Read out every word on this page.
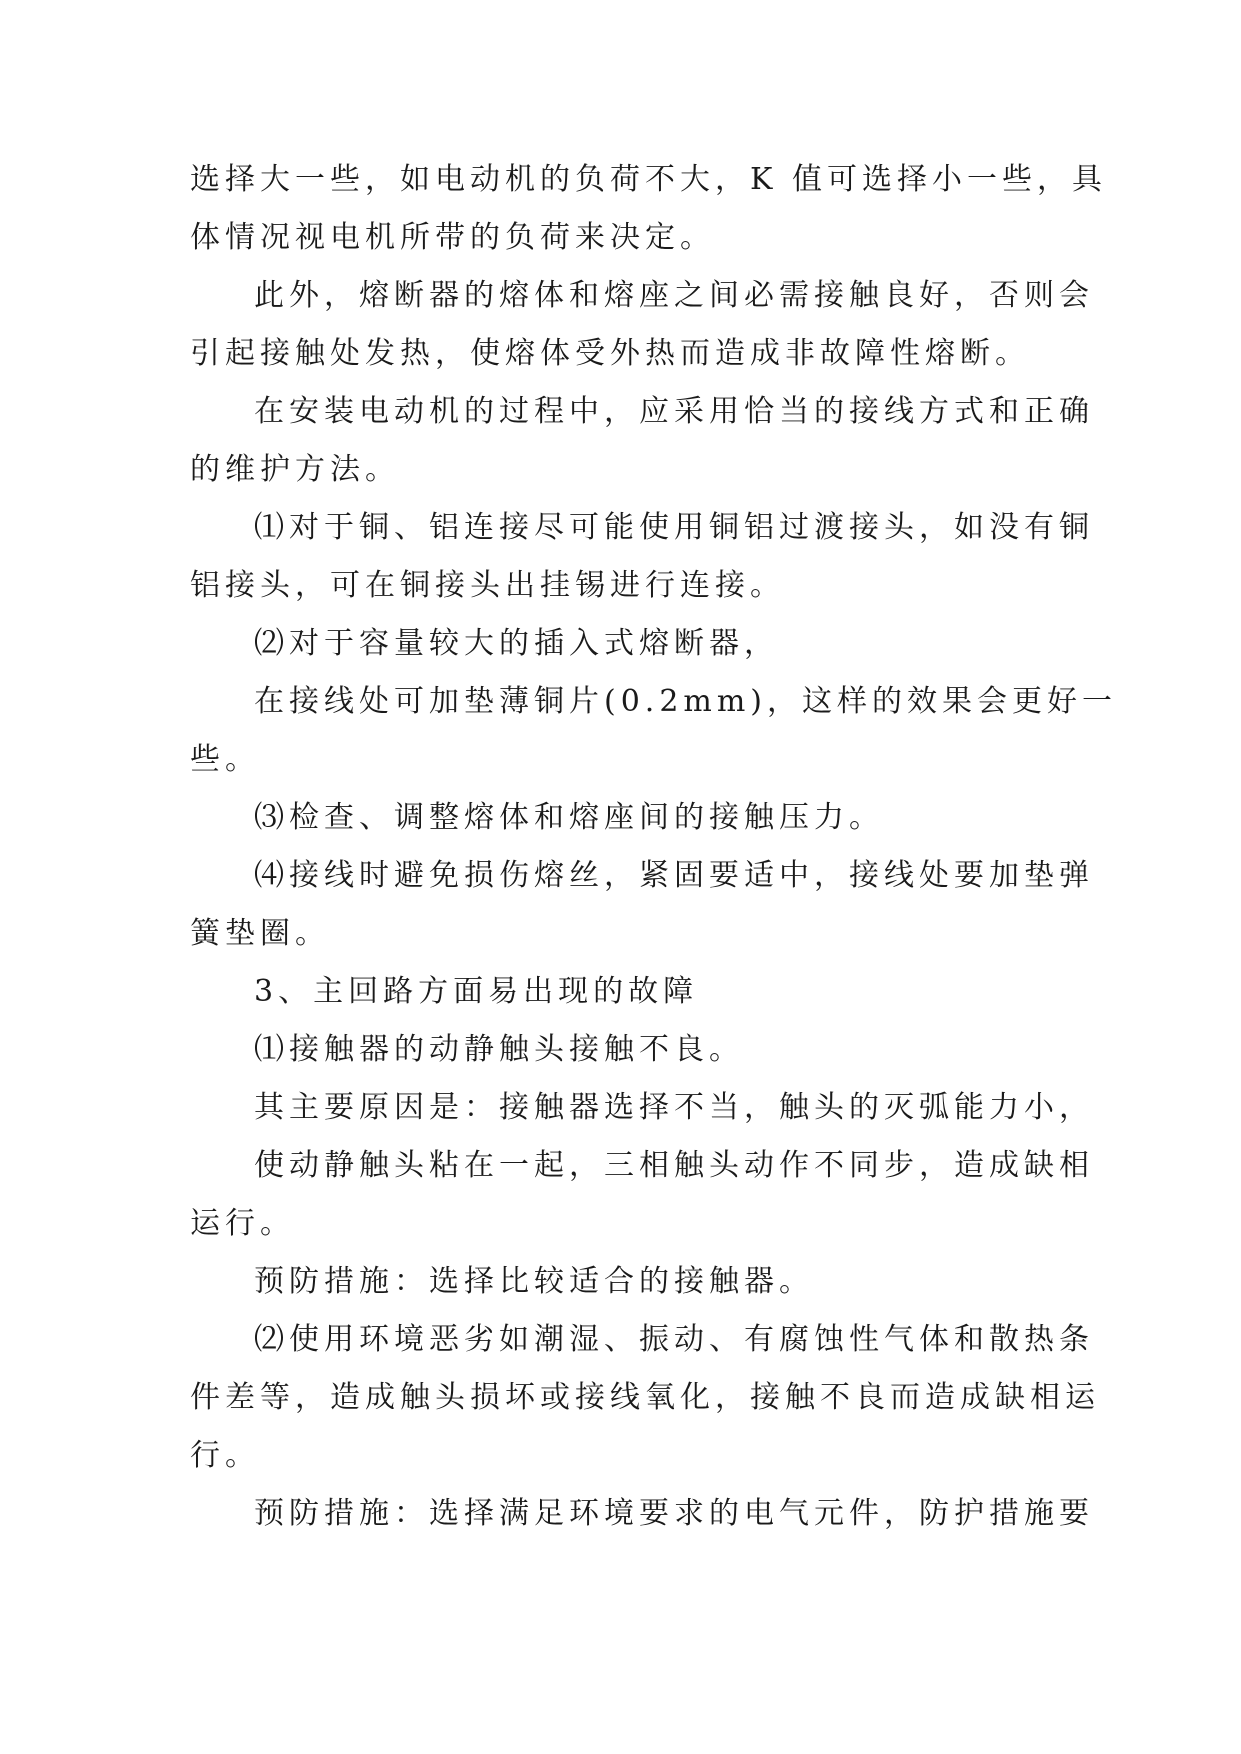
选择大一些，如电动机的负荷不大，K 值可选择小一些，具
体情况视电机所带的负荷来决定。
此外，熔断器的熔体和熔座之间必需接触良好，否则会
引起接触处发热，使熔体受外热而造成非故障性熔断。
在安装电动机的过程中，应采用恰当的接线方式和正确
的维护方法。
⑴对于铜、铝连接尽可能使用铜铝过渡接头，如没有铜
铝接头，可在铜接头出挂锡进行连接。
⑵对于容量较大的插入式熔断器，
在接线处可加垫薄铜片(0.2mm)，这样的效果会更好一
些。
⑶检查、调整熔体和熔座间的接触压力。
⑷接线时避免损伤熔丝，紧固要适中，接线处要加垫弹
簧垫圈。
3、主回路方面易出现的故障
⑴接触器的动静触头接触不良。
其主要原因是：接触器选择不当，触头的灭弧能力小，
使动静触头粘在一起，三相触头动作不同步，造成缺相
运行。
预防措施：选择比较适合的接触器。
⑵使用环境恶劣如潮湿、振动、有腐蚀性气体和散热条
件差等，造成触头损坏或接线氧化，接触不良而造成缺相运
行。
预防措施：选择满足环境要求的电气元件，防护措施要
